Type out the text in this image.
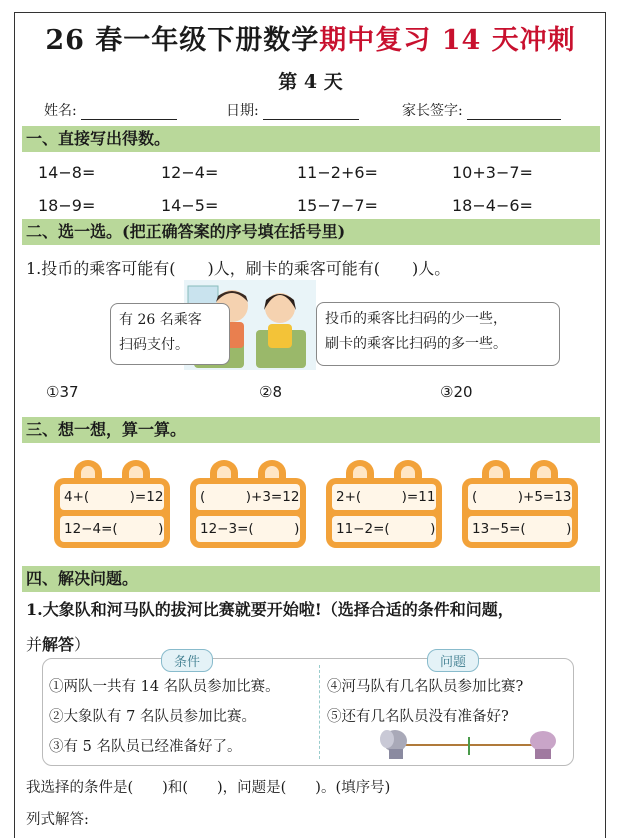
26 春一年级下册数学期中复习 14 天冲刺
第 4 天
姓名:	日期:	家长签字:
一、直接写出得数。
14−8=	12−4=	11−2+6=	10+3−7=
18−9=	14−5=	15−7−7=	18−4−6=
二、选一选。(把正确答案的序号填在括号里)
1.投币的乘客可能有(　　)人，刷卡的乘客可能有(　　)人。
有 26 名乘客
扫码支付。
投币的乘客比扫码的少一些，
刷卡的乘客比扫码的多一些。
①37	②8	③20
三、想一想，算一算。
4+(　　　)=12
12−4=(　　　)
(　　　)+3=12
12−3=(　　　)
2+(　　　)=11
11−2=(　　　)
(　　　)+5=13
13−5=(　　　)
四、解决问题。
1.大象队和河马队的拔河比赛就要开始啦!（选择合适的条件和问题，
并解答）
条件	问题
①两队一共有 14 名队员参加比赛。
②大象队有 7 名队员参加比赛。
③有 5 名队员已经准备好了。
④河马队有几名队员参加比赛?
⑤还有几名队员没有准备好?
我选择的条件是(　　)和(　　)，问题是(　　)。(填序号)
列式解答:
